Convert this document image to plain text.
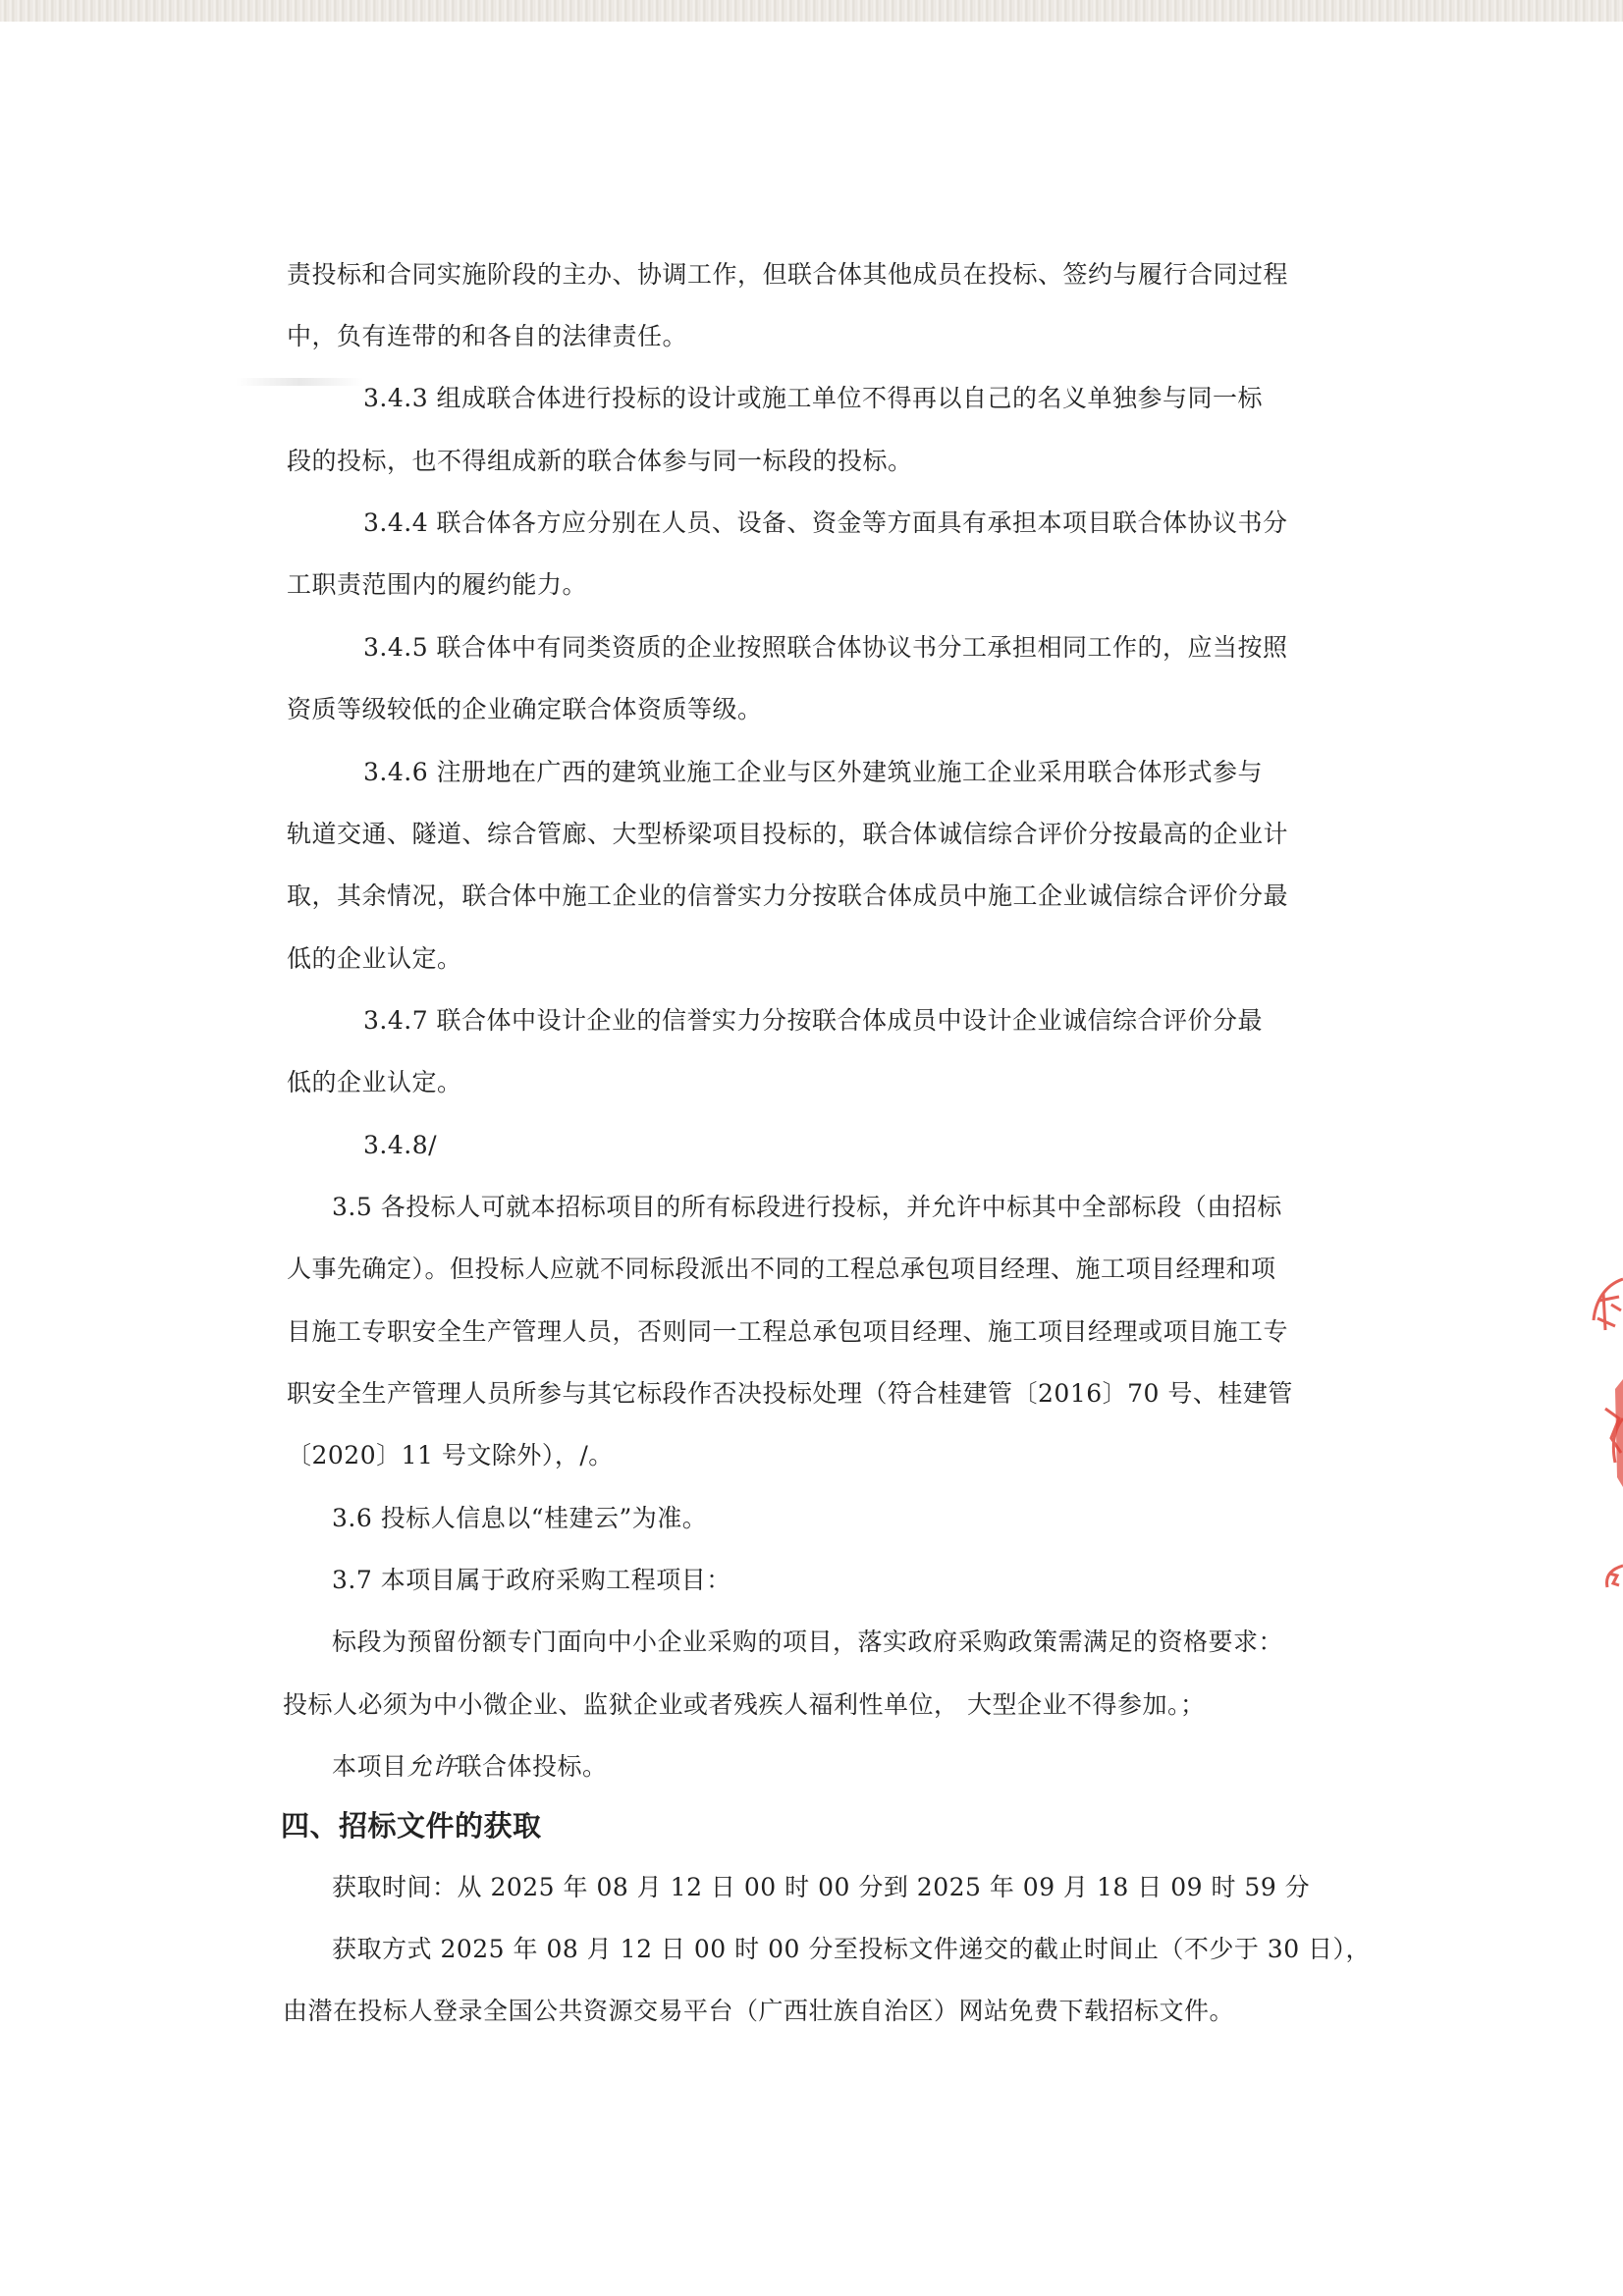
责投标和合同实施阶段的主办、协调工作，但联合体其他成员在投标、签约与履行合同过程
中，负有连带的和各自的法律责任。
3.4.3 组成联合体进行投标的设计或施工单位不得再以自己的名义单独参与同一标
段的投标，也不得组成新的联合体参与同一标段的投标。
3.4.4 联合体各方应分别在人员、设备、资金等方面具有承担本项目联合体协议书分
工职责范围内的履约能力。
3.4.5 联合体中有同类资质的企业按照联合体协议书分工承担相同工作的，应当按照
资质等级较低的企业确定联合体资质等级。
3.4.6 注册地在广西的建筑业施工企业与区外建筑业施工企业采用联合体形式参与
轨道交通、隧道、综合管廊、大型桥梁项目投标的，联合体诚信综合评价分按最高的企业计
取，其余情况，联合体中施工企业的信誉实力分按联合体成员中施工企业诚信综合评价分最
低的企业认定。
3.4.7 联合体中设计企业的信誉实力分按联合体成员中设计企业诚信综合评价分最
低的企业认定。
3.4.8/
3.5 各投标人可就本招标项目的所有标段进行投标，并允许中标其中全部标段（由招标
人事先确定）。但投标人应就不同标段派出不同的工程总承包项目经理、施工项目经理和项
目施工专职安全生产管理人员，否则同一工程总承包项目经理、施工项目经理或项目施工专
职安全生产管理人员所参与其它标段作否决投标处理（符合桂建管〔2016〕70 号、桂建管
〔2020〕11 号文除外），/。
3.6 投标人信息以“桂建云”为准。
3.7 本项目属于政府采购工程项目：
标段为预留份额专门面向中小企业采购的项目，落实政府采购政策需满足的资格要求：
投标人必须为中小微企业、监狱企业或者残疾人福利性单位， 大型企业不得参加。；
本项目允许联合体投标。
四、招标文件的获取
获取时间：从 2025 年 08 月 12 日 00 时 00 分到 2025 年 09 月 18 日 09 时 59 分
获取方式 2025 年 08 月 12 日 00 时 00 分至投标文件递交的截止时间止（不少于 30 日），
由潜在投标人登录全国公共资源交易平台（广西壮族自治区）网站免费下载招标文件。
